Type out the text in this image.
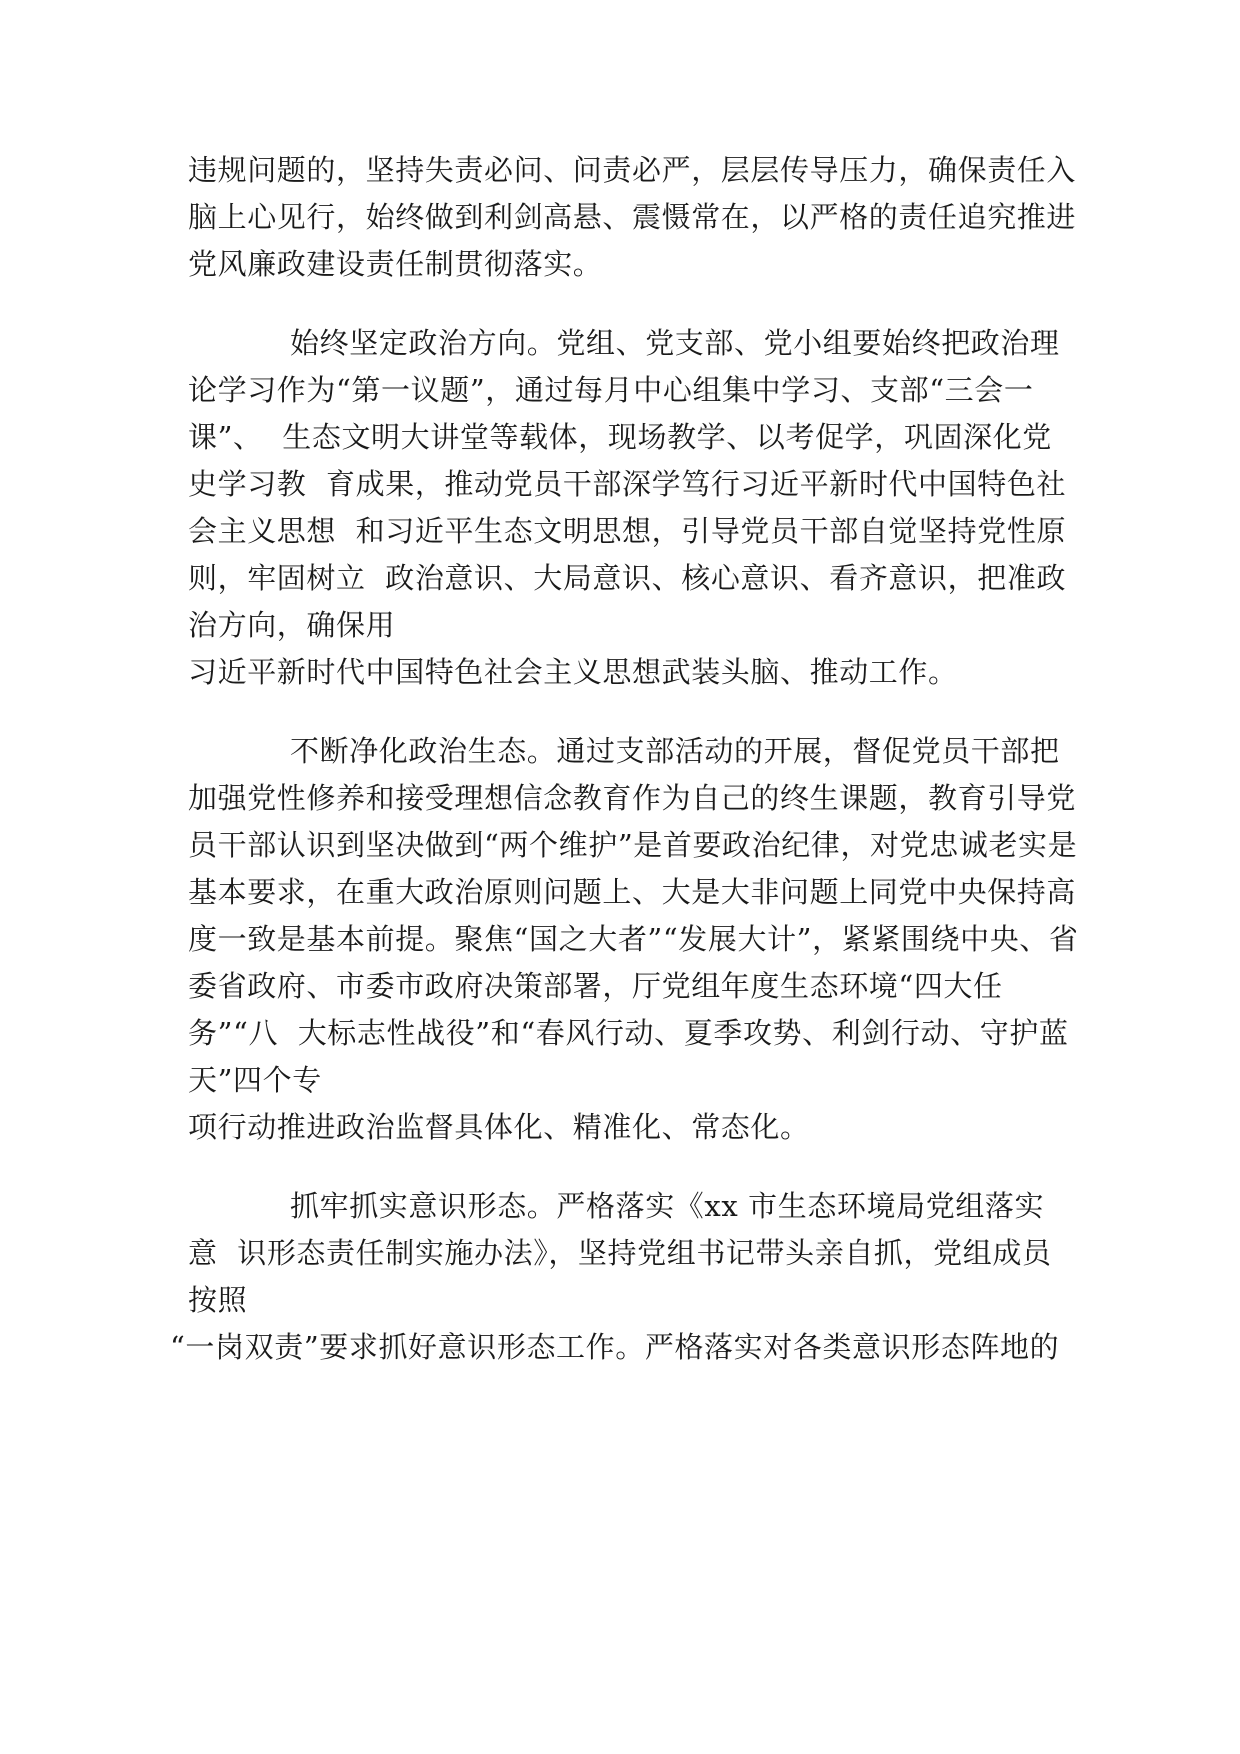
违规问题的，坚持失责必问、问责必严，层层传导压力，确保责任入
脑上心见行，始终做到利剑高悬、震慑常在，以严格的责任追究推进
党风廉政建设责任制贯彻落实。
始终坚定政治方向。党组、党支部、党小组要始终把政治理
论学习作为“第一议题”，通过每月中心组集中学习、支部“三会一
课”、  生态文明大讲堂等载体，现场教学、以考促学，巩固深化党
史学习教  育成果，推动党员干部深学笃行习近平新时代中国特色社
会主义思想  和习近平生态文明思想，引导党员干部自觉坚持党性原
则，牢固树立  政治意识、大局意识、核心意识、看齐意识，把准政
治方向，确保用
习近平新时代中国特色社会主义思想武装头脑、推动工作。
不断净化政治生态。通过支部活动的开展，督促党员干部把
加强党性修养和接受理想信念教育作为自己的终生课题，教育引导党
员干部认识到坚决做到“两个维护”是首要政治纪律，对党忠诚老实是
基本要求，在重大政治原则问题上、大是大非问题上同党中央保持高
度一致是基本前提。聚焦“国之大者”“发展大计”，紧紧围绕中央、省
委省政府、市委市政府决策部署，厅党组年度生态环境“四大任
务”“八  大标志性战役”和“春风行动、夏季攻势、利剑行动、守护蓝
天”四个专
项行动推进政治监督具体化、精准化、常态化。
抓牢抓实意识形态。严格落实《xx 市生态环境局党组落实
意  识形态责任制实施办法》，坚持党组书记带头亲自抓，党组成员
按照
“一岗双责”要求抓好意识形态工作。严格落实对各类意识形态阵地的
